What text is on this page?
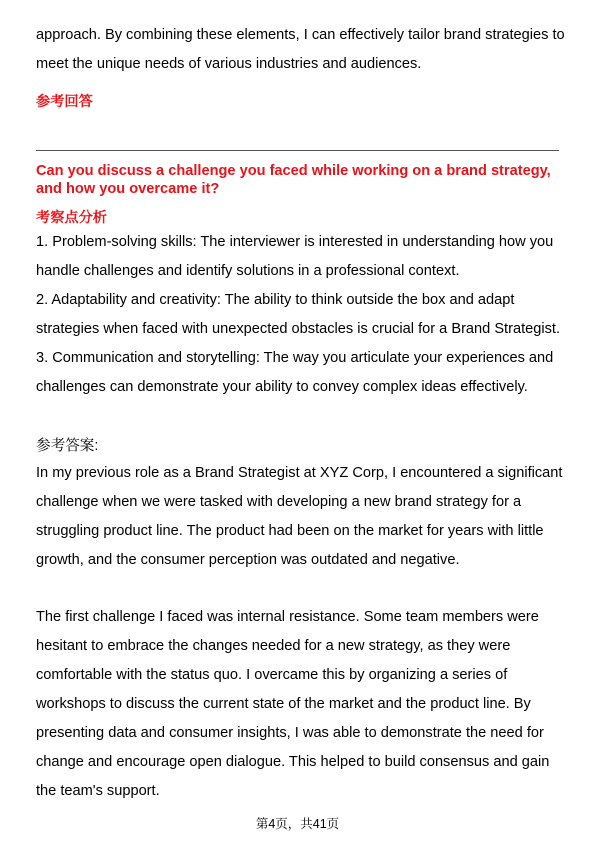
approach. By combining these elements, I can effectively tailor brand strategies to
meet the unique needs of various industries and audiences.

参考回答

Can you discuss a challenge you faced while working on a brand strategy,
and how you overcame it?

考察点分析

1. Problem-solving skills: The interviewer is interested in understanding how you
handle challenges and identify solutions in a professional context.
2. Adaptability and creativity: The ability to think outside the box and adapt
strategies when faced with unexpected obstacles is crucial for a Brand Strategist.
3. Communication and storytelling: The way you articulate your experiences and
challenges can demonstrate your ability to convey complex ideas effectively.

参考答案:

In my previous role as a Brand Strategist at XYZ Corp, I encountered a significant
challenge when we were tasked with developing a new brand strategy for a
struggling product line. The product had been on the market for years with little
growth, and the consumer perception was outdated and negative.

The first challenge I faced was internal resistance. Some team members were
hesitant to embrace the changes needed for a new strategy, as they were
comfortable with the status quo. I overcame this by organizing a series of
workshops to discuss the current state of the market and the product line. By
presenting data and consumer insights, I was able to demonstrate the need for
change and encourage open dialogue. This helped to build consensus and gain
the team's support.

第4页，共41页
